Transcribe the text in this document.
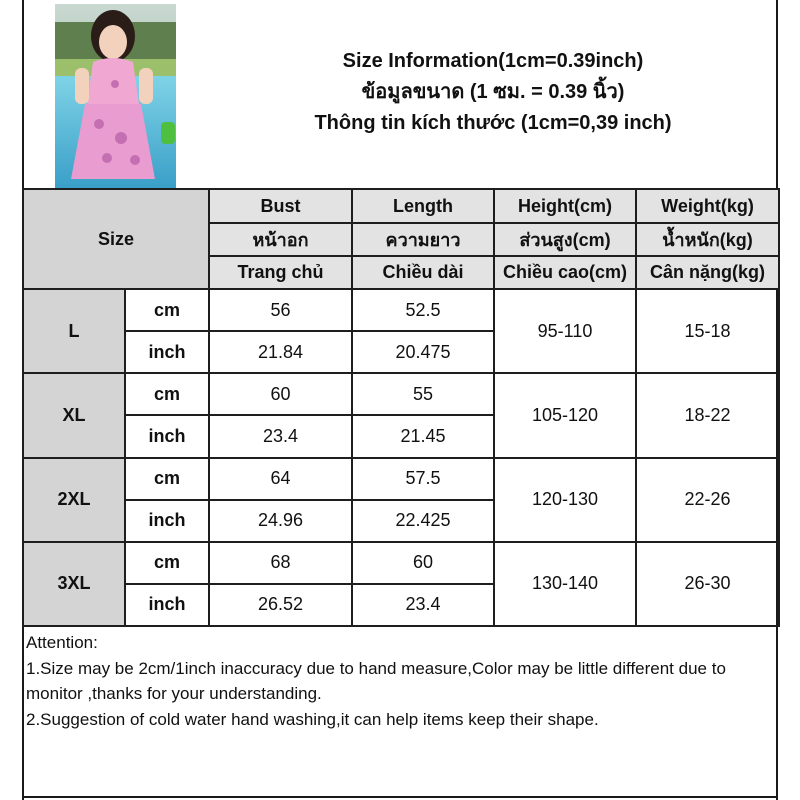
Size Information(1cm=0.39inch)
ข้อมูลขนาด (1 ซม. = 0.39 นิ้ว)
Thông tin kích thước (1cm=0,39 inch)
Size		Bust	Length	Height(cm)	Weight(kg)
		หน้าอก	ความยาว	ส่วนสูง(cm)	น้ำหนัก(kg)
		Trang chủ	Chiều dài	Chiều cao(cm)	Cân nặng(kg)
L	cm	56	52.5	95-110	15-18
	inch	21.84	20.475		
XL	cm	60	55	105-120	18-22
	inch	23.4	21.45		
2XL	cm	64	57.5	120-130	22-26
	inch	24.96	22.425		
3XL	cm	68	60	130-140	26-30
	inch	26.52	23.4		
Attention:
1.Size may be 2cm/1inch inaccuracy due to hand measure,Color may be little different due to monitor ,thanks for your understanding.
2.Suggestion of cold water hand washing,it can help items keep their shape.
